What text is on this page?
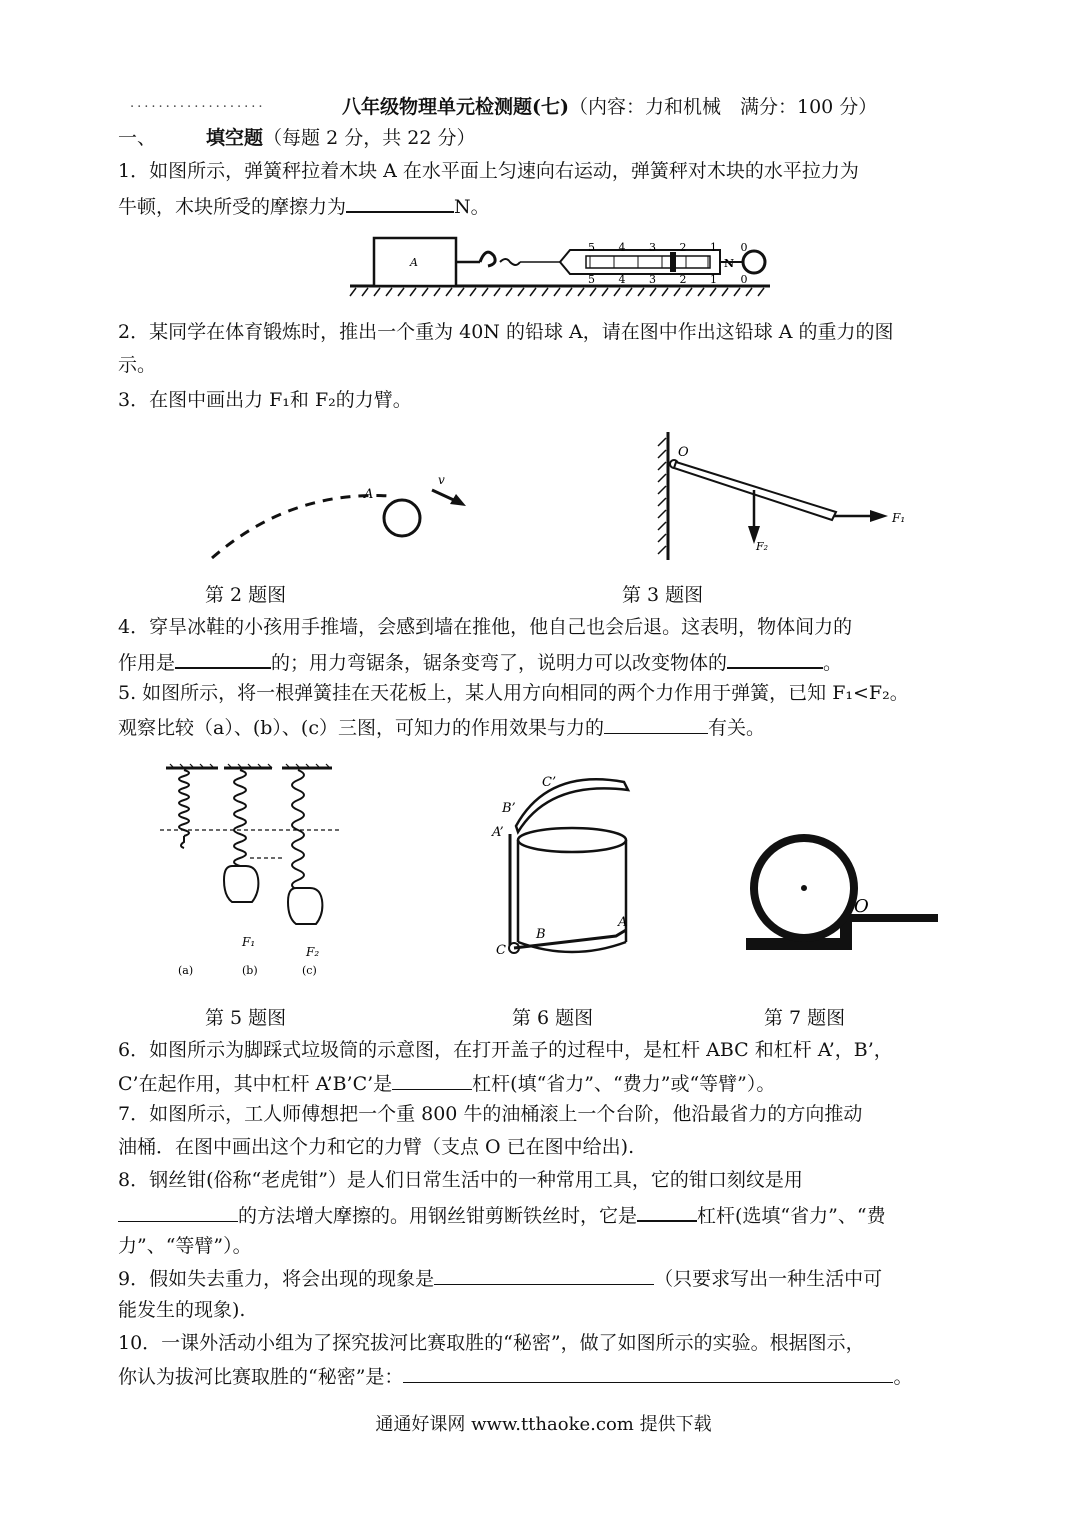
...................	八年级物理单元检测题(七)（内容：力和机械　满分：100 分）
一、	填空题（每题 2 分，共 22 分）
1．如图所示，弹簧秤拉着木块 A 在水平面上匀速向右运动，弹簧秤对木块的水平拉力为
牛顿，木块所受的摩擦力为	N。
A
5 4 3 2 1 0
5 4 3 2 1 0
N
2．某同学在体育锻炼时，推出一个重为 40N 的铅球 A，请在图中作出这铅球 A 的重力的图
示。
3．在图中画出力 F₁和 F₂的力臂。
A
v
第 2 题图
O
F₁
F₂
第 3 题图
4．穿旱冰鞋的小孩用手推墙，会感到墙在推他，他自己也会后退。这表明，物体间力的
作用是	的；用力弯锯条，锯条变弯了，说明力可以改变物体的	。
5. 如图所示，将一根弹簧挂在天花板上，某人用方向相同的两个力作用于弹簧，已知 F₁<F₂。
观察比较（a）、(b）、(c）三图，可知力的作用效果与力的	有关。
F₁
F₂
(a)	(b)	(c)
第 5 题图
C’
B’
A’
A
B
C
第 6 题图
O
第 7 题图
6．如图所示为脚踩式垃圾筒的示意图，在打开盖子的过程中，是杠杆 ABC 和杠杆 A’，B’，
C’在起作用，其中杠杆 A’B’C’是	杠杆(填“省力”、“费力”或“等臂”）。
7．如图所示，工人师傅想把一个重 800 牛的油桶滚上一个台阶，他沿最省力的方向推动
油桶．在图中画出这个力和它的力臂（支点 O 已在图中给出).
8．钢丝钳(俗称“老虎钳”）是人们日常生活中的一种常用工具，它的钳口刻纹是用
的方法增大摩擦的。用钢丝钳剪断铁丝时，它是	杠杆(选填“省力”、“费
力”、“等臂”）。
9．假如失去重力，将会出现的现象是	（只要求写出一种生活中可
能发生的现象).
10．一课外活动小组为了探究拔河比赛取胜的“秘密”，做了如图所示的实验。根据图示，
你认为拔河比赛取胜的“秘密”是：	。
通通好课网 www.tthaoke.com 提供下载
